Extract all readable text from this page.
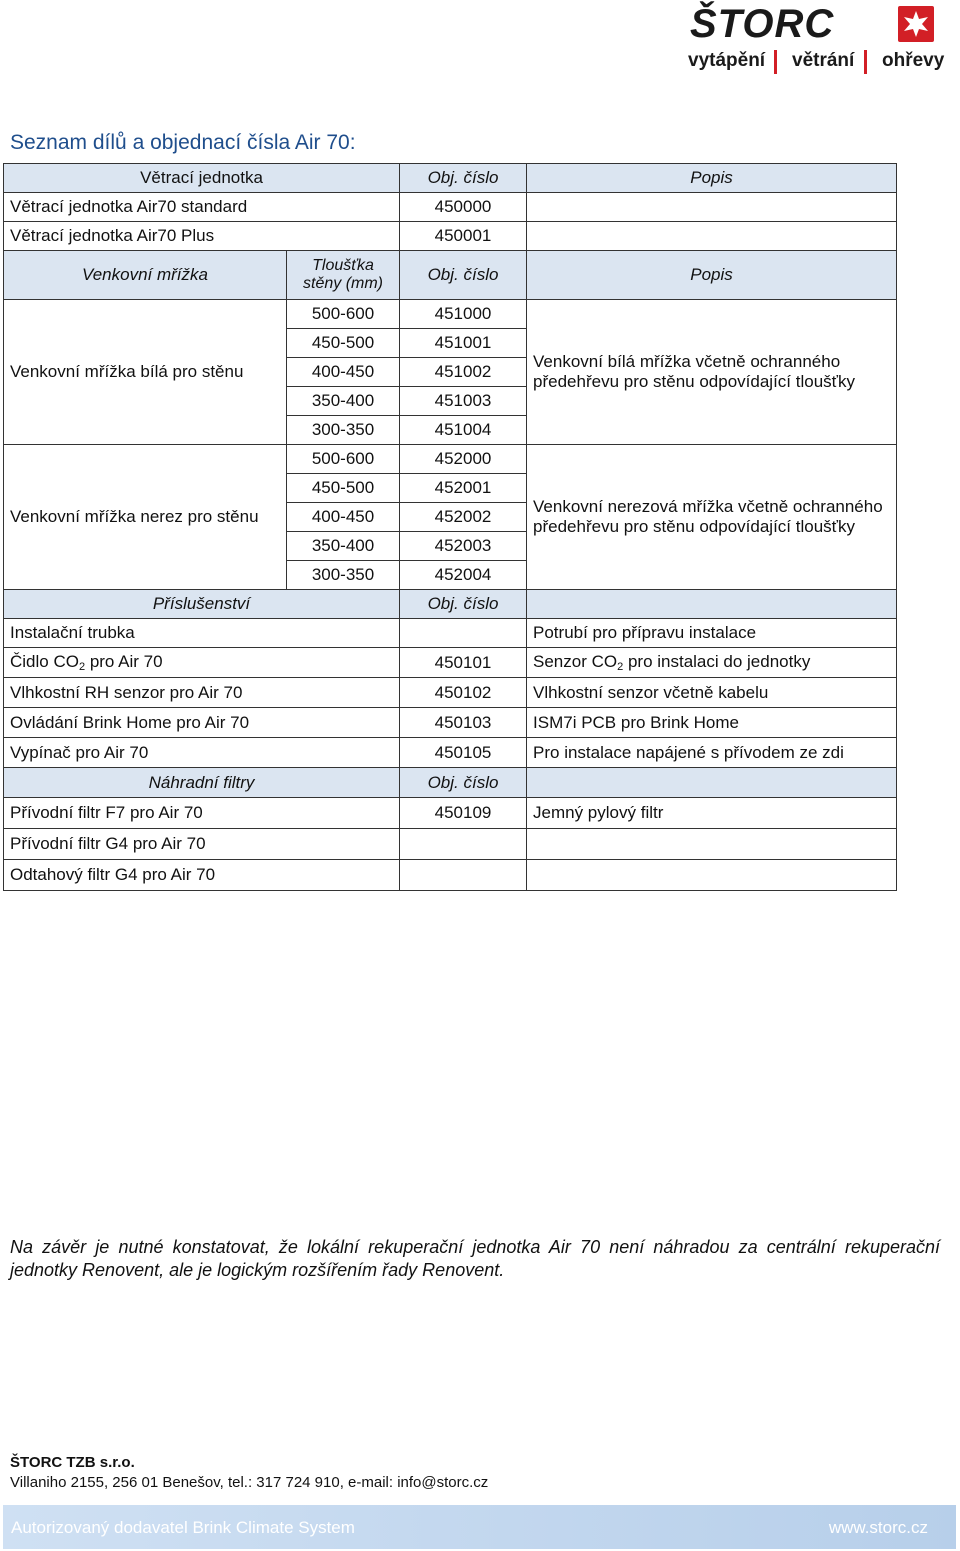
ŠTORC
vytápění větrání ohřevy
Seznam dílů a objednací čísla Air 70:
Větrací jednotka		Obj. číslo	Popis
Větrací jednotka Air70 standard		450000	
Větrací jednotka Air70 Plus		450001	
Venkovní mřížka	Tloušťka stěny (mm)	Obj. číslo	Popis
Venkovní mřížka bílá pro stěnu	500-600	451000	Venkovní bílá mřížka včetně ochranného předehřevu pro stěnu odpovídající tloušťky
	450-500	451001	
	400-450	451002	
	350-400	451003	
	300-350	451004	
Venkovní mřížka nerez pro stěnu	500-600	452000	Venkovní nerezová mřížka včetně ochranného předehřevu pro stěnu odpovídající tloušťky
	450-500	452001	
	400-450	452002	
	350-400	452003	
	300-350	452004	
Příslušenství		Obj. číslo	
Instalační trubka			Potrubí pro přípravu instalace
Čidlo $CO_2$ pro Air 70		450101	Senzor $CO_2$ pro instalaci do jednotky
Vlhkostní RH senzor pro Air 70		450102	Vlhkostní senzor včetně kabelu
Ovládání Brink Home pro Air 70		450103	ISM7i PCB pro Brink Home
Vypínač pro Air 70		450105	Pro instalace napájené s přívodem ze zdi
Náhradní filtry		Obj. číslo	
Přívodní filtr F7 pro Air 70		450109	Jemný pylový filtr
Přívodní filtr G4 pro Air 70			
Odtahový filtr G4 pro Air 70			

Na závěr je nutné konstatovat, že lokální rekuperační jednotka Air 70 není náhradou za centrální rekuperační jednotky Renovent, ale je logickým rozšířením řady Renovent.

ŠTORC TZB s.r.o.
Villaniho 2155, 256 01 Benešov, tel.: 317 724 910, e-mail: info@storc.cz
Autorizovaný dodavatel Brink Climate System	www.storc.cz
